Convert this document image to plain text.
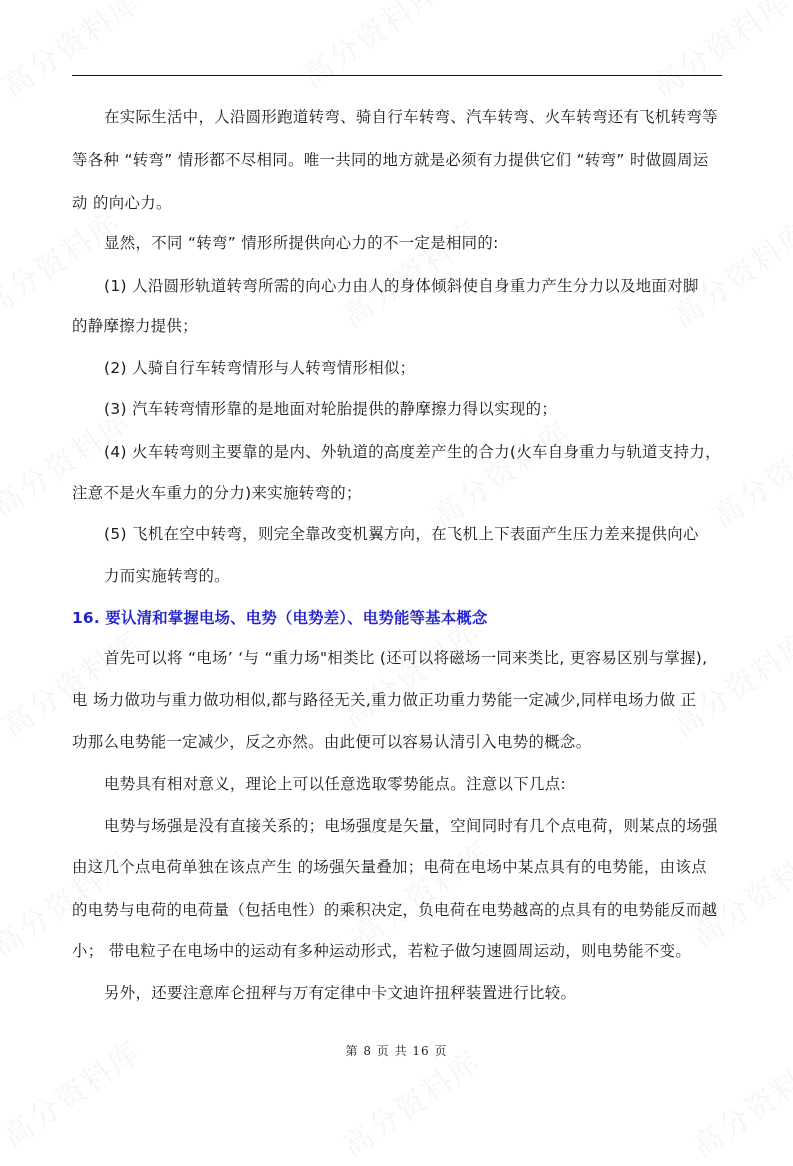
在实际生活中，人沿圆形跑道转弯、骑自行车转弯、汽车转弯、火车转弯还有飞机转弯等
等各种 “转弯” 情形都不尽相同。唯一共同的地方就是必须有力提供它们 “转弯” 时做圆周运
动 的向心力。
显然，不同 “转弯” 情形所提供向心力的不一定是相同的:
(1) 人沿圆形轨道转弯所需的向心力由人的身体倾斜使自身重力产生分力以及地面对脚
的静摩擦力提供；
(2) 人骑自行车转弯情形与人转弯情形相似；
(3) 汽车转弯情形靠的是地面对轮胎提供的静摩擦力得以实现的；
(4) 火车转弯则主要靠的是内、外轨道的高度差产生的合力(火车自身重力与轨道支持力，
注意不是火车重力的分力)来实施转弯的；
(5) 飞机在空中转弯，则完全靠改变机翼方向，在飞机上下表面产生压力差来提供向心
力而实施转弯的。
16. 要认清和掌握电场、电势（电势差）、电势能等基本概念
首先可以将 “电场’ ‘与 “重力场"相类比 (还可以将磁场一同来类比, 更容易区别与掌握),
电 场力做功与重力做功相似,都与路径无关,重力做正功重力势能一定减少,同样电场力做 正
功那么电势能一定减少，反之亦然。由此便可以容易认清引入电势的概念。
电势具有相对意义，理论上可以任意选取零势能点。注意以下几点:
电势与场强是没有直接关系的；电场强度是矢量，空间同时有几个点电荷，则某点的场强
由这几个点电荷单独在该点产生 的场强矢量叠加；电荷在电场中某点具有的电势能，由该点
的电势与电荷的电荷量（包括电性）的乘积决定，负电荷在电势越高的点具有的电势能反而越
小； 带电粒子在电场中的运动有多种运动形式，若粒子做匀速圆周运动，则电势能不变。
另外，还要注意库仑扭秤与万有定律中卡文迪许扭秤装置进行比较。
第 8 页 共 16 页
